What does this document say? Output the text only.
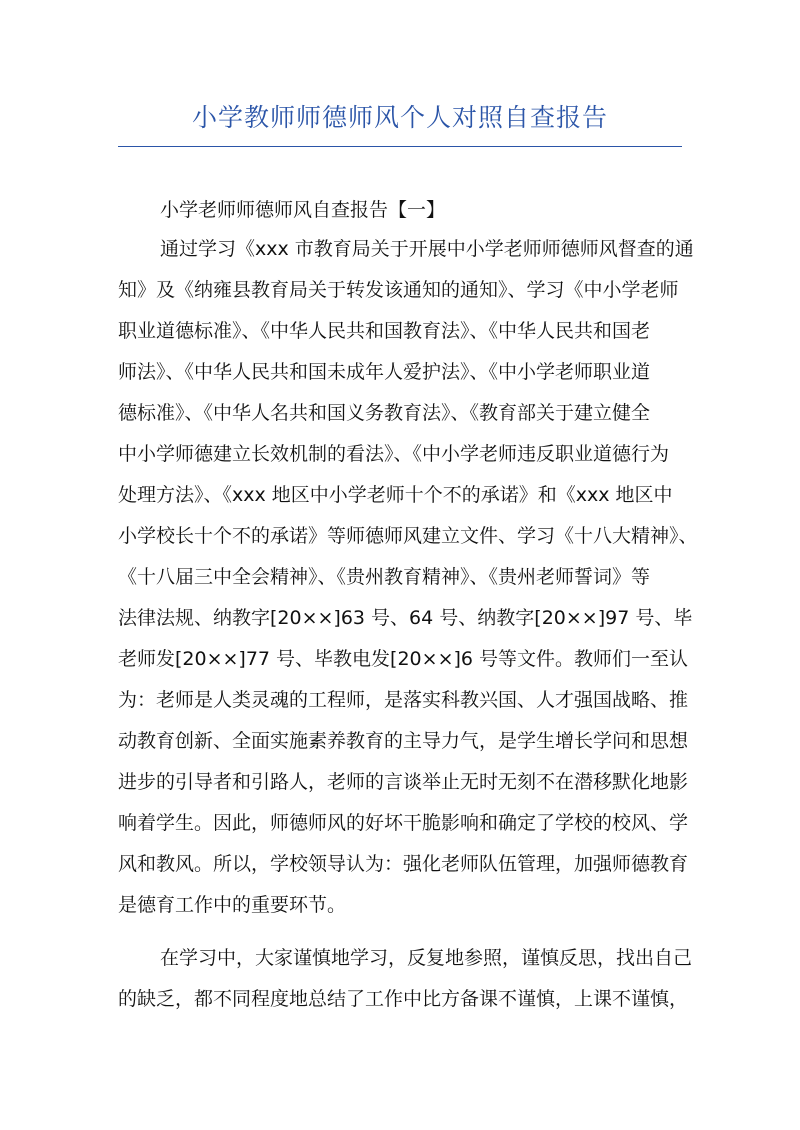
小学教师师德师风个人对照自查报告
小学老师师德师风自查报告【一】
通过学习《xxx 市教育局关于开展中小学老师师德师风督查的通
知》及《纳雍县教育局关于转发该通知的通知》、学习《中小学老师
职业道德标准》、《中华人民共和国教育法》、《中华人民共和国老
师法》、《中华人民共和国未成年人爱护法》、《中小学老师职业道
德标准》、《中华人名共和国义务教育法》、《教育部关于建立健全
中小学师德建立长效机制的看法》、《中小学老师违反职业道德行为
处理方法》、《xxx 地区中小学老师十个不的承诺》和《xxx 地区中
小学校长十个不的承诺》等师德师风建立文件、学习《十八大精神》、
《十八届三中全会精神》、《贵州教育精神》、《贵州老师誓词》等
法律法规、纳教字[20××]63 号、64 号、纳教字[20××]97 号、毕
老师发[20××]77 号、毕教电发[20××]6 号等文件。教师们一至认
为：老师是人类灵魂的工程师，是落实科教兴国、人才强国战略、推
动教育创新、全面实施素养教育的主导力气，是学生增长学问和思想
进步的引导者和引路人，老师的言谈举止无时无刻不在潜移默化地影
响着学生。因此，师德师风的好坏干脆影响和确定了学校的校风、学
风和教风。所以，学校领导认为：强化老师队伍管理，加强师德教育
是德育工作中的重要环节。
在学习中，大家谨慎地学习，反复地参照，谨慎反思，找出自己
的缺乏，都不同程度地总结了工作中比方备课不谨慎，上课不谨慎，
